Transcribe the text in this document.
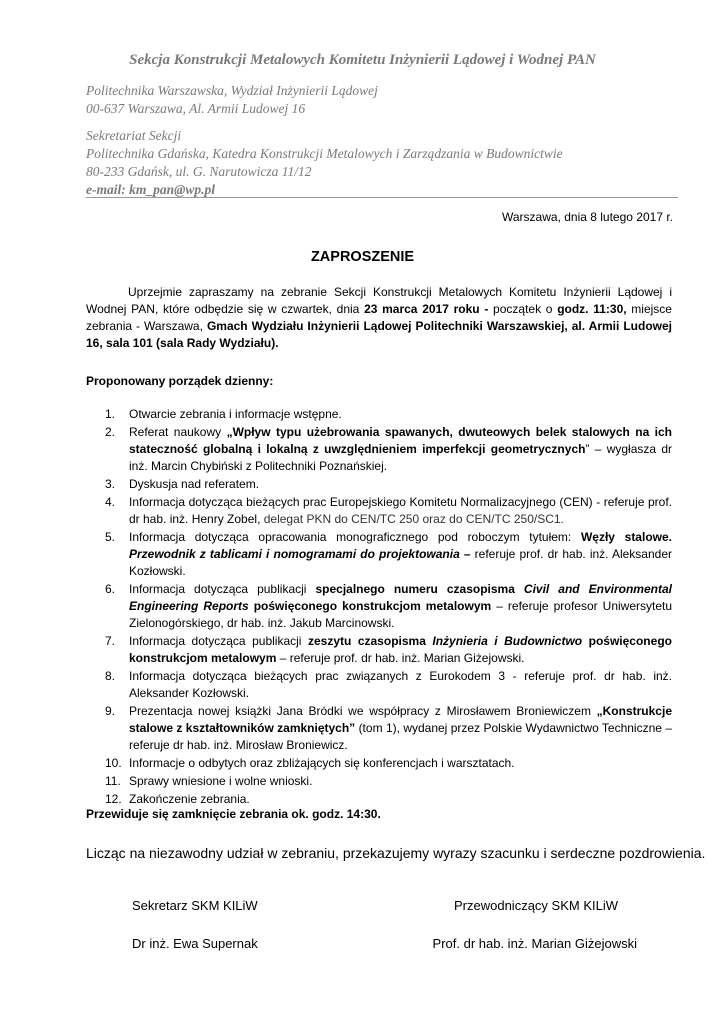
Sekcja Konstrukcji Metalowych Komitetu Inżynierii Lądowej i Wodnej PAN
Politechnika Warszawska, Wydział Inżynierii Lądowej
00-637 Warszawa, Al. Armii Ludowej 16
Sekretariat Sekcji
Politechnika Gdańska, Katedra Konstrukcji Metalowych i Zarządzania w Budownictwie
80-233 Gdańsk, ul. G. Narutowicza 11/12
e-mail: km_pan@wp.pl
Warszawa, dnia 8 lutego 2017 r.
ZAPROSZENIE

Uprzejmie zapraszamy na zebranie Sekcji Konstrukcji Metalowych Komitetu Inżynierii Lądowej i Wodnej PAN, które odbędzie się w czwartek, dnia 23 marca 2017 roku - początek o godz. 11:30, miejsce zebrania - Warszawa, Gmach Wydziału Inżynierii Lądowej Politechniki Warszawskiej, al. Armii Ludowej 16, sala 101 (sala Rady Wydziału).

Proponowany porządek dzienny:
1.	Otwarcie zebrania i informacje wstępne.
2.	Referat naukowy „Wpływ typu użebrowania spawanych, dwuteowych belek stalowych na ich stateczność globalną i lokalną z uwzględnieniem imperfekcji geometrycznych” – wygłasza dr inż. Marcin Chybiński z Politechniki Poznańskiej.
3.	Dyskusja nad referatem.
4.	Informacja dotycząca bieżących prac Europejskiego Komitetu Normalizacyjnego (CEN) - referuje prof. dr hab. inż. Henry Zobel, delegat PKN do CEN/TC 250 oraz do CEN/TC 250/SC1.
5.	Informacja dotycząca opracowania monograficznego pod roboczym tytułem: Węzły stalowe. Przewodnik z tablicami i nomogramami do projektowania – referuje prof. dr hab. inż. Aleksander Kozłowski.
6.	Informacja dotycząca publikacji specjalnego numeru czasopisma Civil and Environmental Engineering Reports poświęconego konstrukcjom metalowym – referuje profesor Uniwersytetu Zielonogórskiego, dr hab. inż. Jakub Marcinowski.
7.	Informacja dotycząca publikacji zeszytu czasopisma Inżynieria i Budownictwo poświęconego konstrukcjom metalowym – referuje prof. dr hab. inż. Marian Giżejowski.
8.	Informacja dotycząca bieżących prac związanych z Eurokodem 3 - referuje prof. dr hab. inż. Aleksander Kozłowski.
9.	Prezentacja nowej książki Jana Bródki we współpracy z Mirosławem Broniewiczem „Konstrukcje stalowe z kształtowników zamkniętych” (tom 1), wydanej przez Polskie Wydawnictwo Techniczne – referuje dr hab. inż. Mirosław Broniewicz.
10. Informacje o odbytych oraz zbliżających się konferencjach i warsztatach.
11. Sprawy wniesione i wolne wnioski.
12. Zakończenie zebrania.
Przewiduje się zamknięcie zebrania ok. godz. 14:30.
Licząc na niezawodny udział w zebraniu, przekazujemy wyrazy szacunku i serdeczne pozdrowienia.
Sekretarz SKM KILiW
Dr inż. Ewa Supernak
Przewodniczący SKM KILiW
Prof. dr hab. inż. Marian Giżejowski
